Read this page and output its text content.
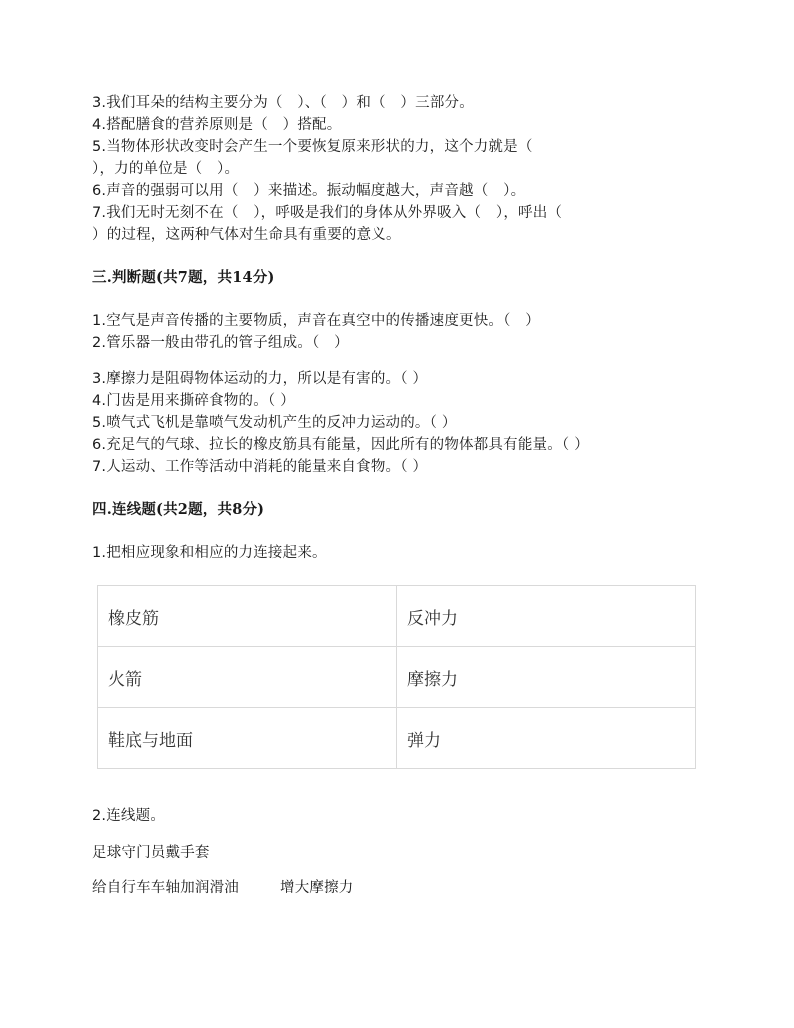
3.我们耳朵的结构主要分为（　）、（　）和（　）三部分。
4.搭配膳食的营养原则是（　）搭配。
5.当物体形状改变时会产生一个要恢复原来形状的力，这个力就是（
），力的单位是（　）。
6.声音的强弱可以用（　）来描述。振动幅度越大，声音越（　）。
7.我们无时无刻不在（　），呼吸是我们的身体从外界吸入（　），呼出（
）的过程，这两种气体对生命具有重要的意义。
三.判断题(共7题，共14分)
1.空气是声音传播的主要物质，声音在真空中的传播速度更快。（　）
2.管乐器一般由带孔的管子组成。（　）
3.摩擦力是阻碍物体运动的力，所以是有害的。（ ）
4.门齿是用来撕碎食物的。（ ）
5.喷气式飞机是靠喷气发动机产生的反冲力运动的。（ ）
6.充足气的气球、拉长的橡皮筋具有能量，因此所有的物体都具有能量。（ ）
7.人运动、工作等活动中消耗的能量来自食物。（ ）
四.连线题(共2题，共8分)
1.把相应现象和相应的力连接起来。
橡皮筋	反冲力
火箭	摩擦力
鞋底与地面	弹力
2.连线题。
足球守门员戴手套
给自行车车轴加润滑油	增大摩擦力
